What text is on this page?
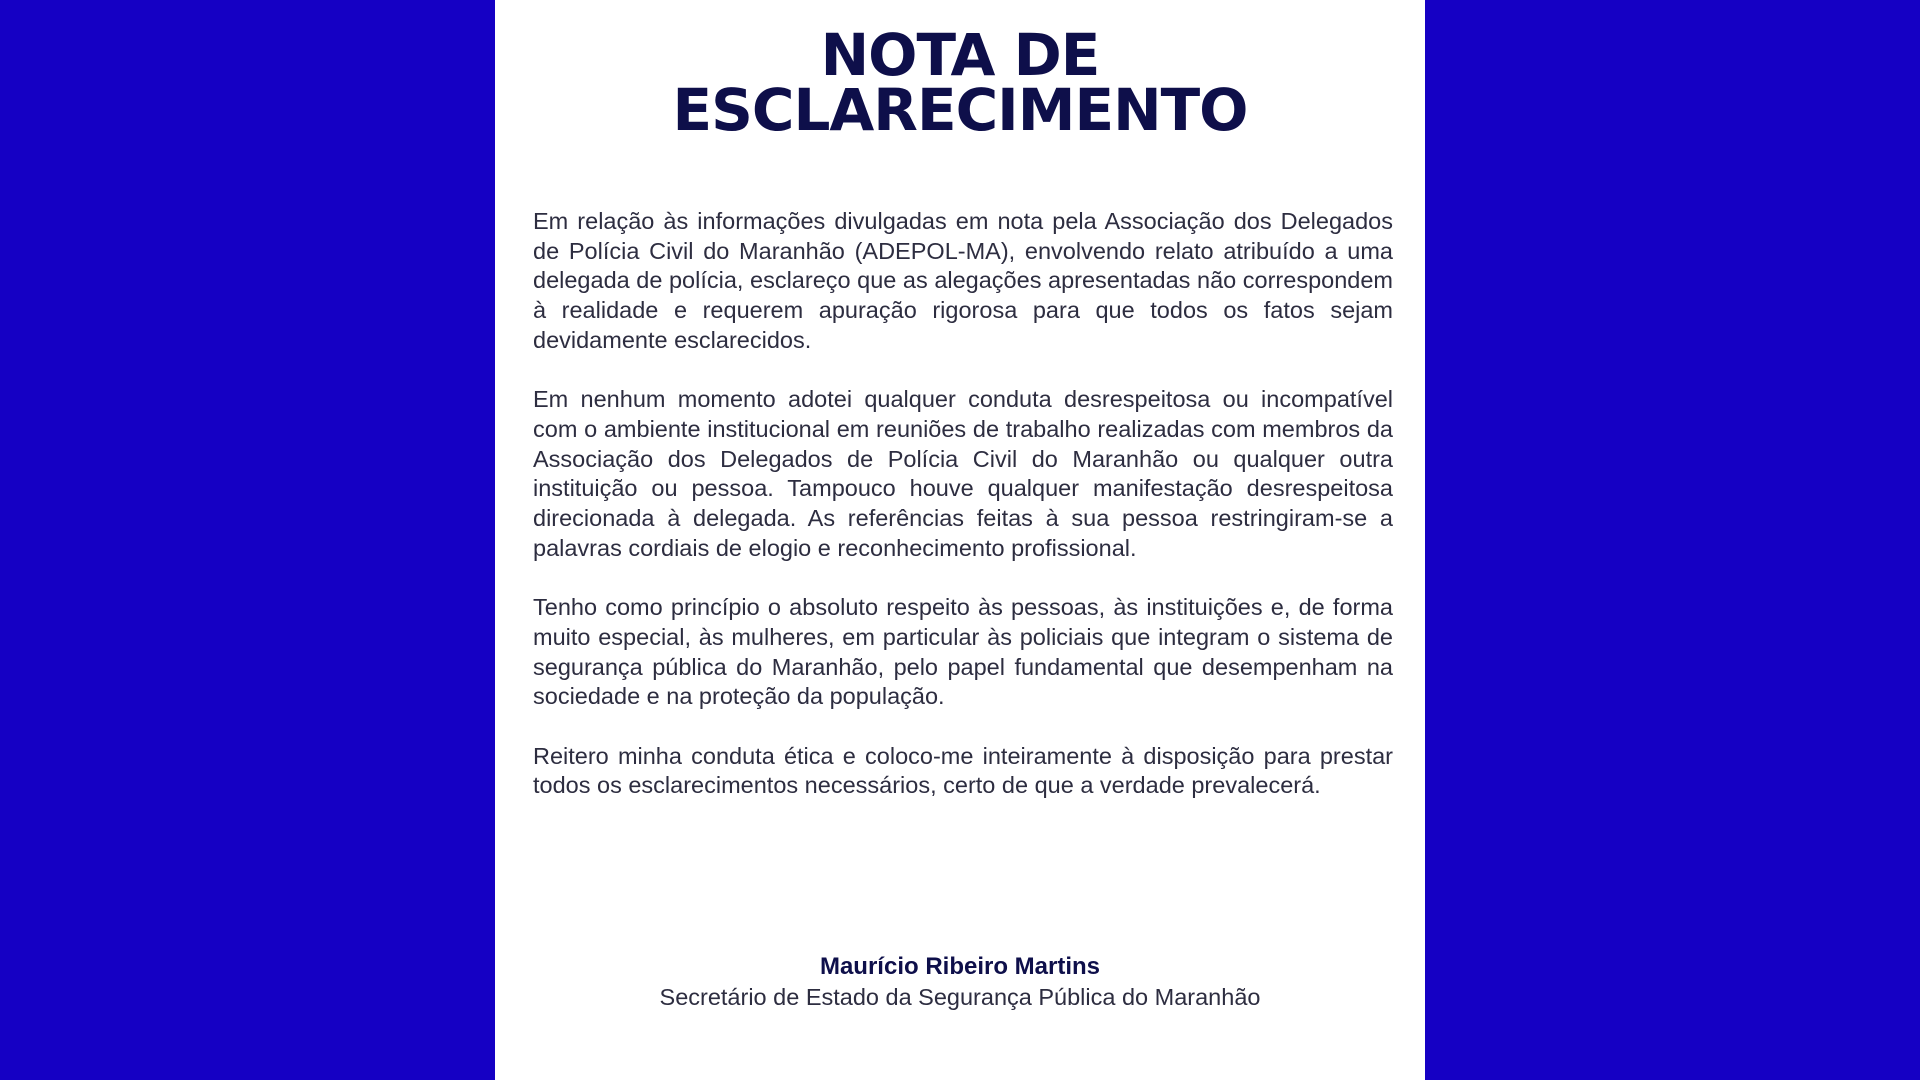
NOTA DE
ESCLARECIMENTO

Em relação às informações divulgadas em nota pela Associação dos Delegados de Polícia Civil do Maranhão (ADEPOL-MA), envolvendo relato atribuído a uma delegada de polícia, esclareço que as alegações apresentadas não correspondem à realidade e requerem apuração rigorosa para que todos os fatos sejam devidamente esclarecidos.

Em nenhum momento adotei qualquer conduta desrespeitosa ou incompatível com o ambiente institucional em reuniões de trabalho realizadas com membros da Associação dos Delegados de Polícia Civil do Maranhão ou qualquer outra instituição ou pessoa. Tampouco houve qualquer manifestação desrespeitosa direcionada à delegada. As referências feitas à sua pessoa restringiram-se a palavras cordiais de elogio e reconhecimento profissional.

Tenho como princípio o absoluto respeito às pessoas, às instituições e, de forma muito especial, às mulheres, em particular às policiais que integram o sistema de segurança pública do Maranhão, pelo papel fundamental que desempenham na sociedade e na proteção da população.

Reitero minha conduta ética e coloco-me inteiramente à disposição para prestar todos os esclarecimentos necessários, certo de que a verdade prevalecerá.

Maurício Ribeiro Martins
Secretário de Estado da Segurança Pública do Maranhão
